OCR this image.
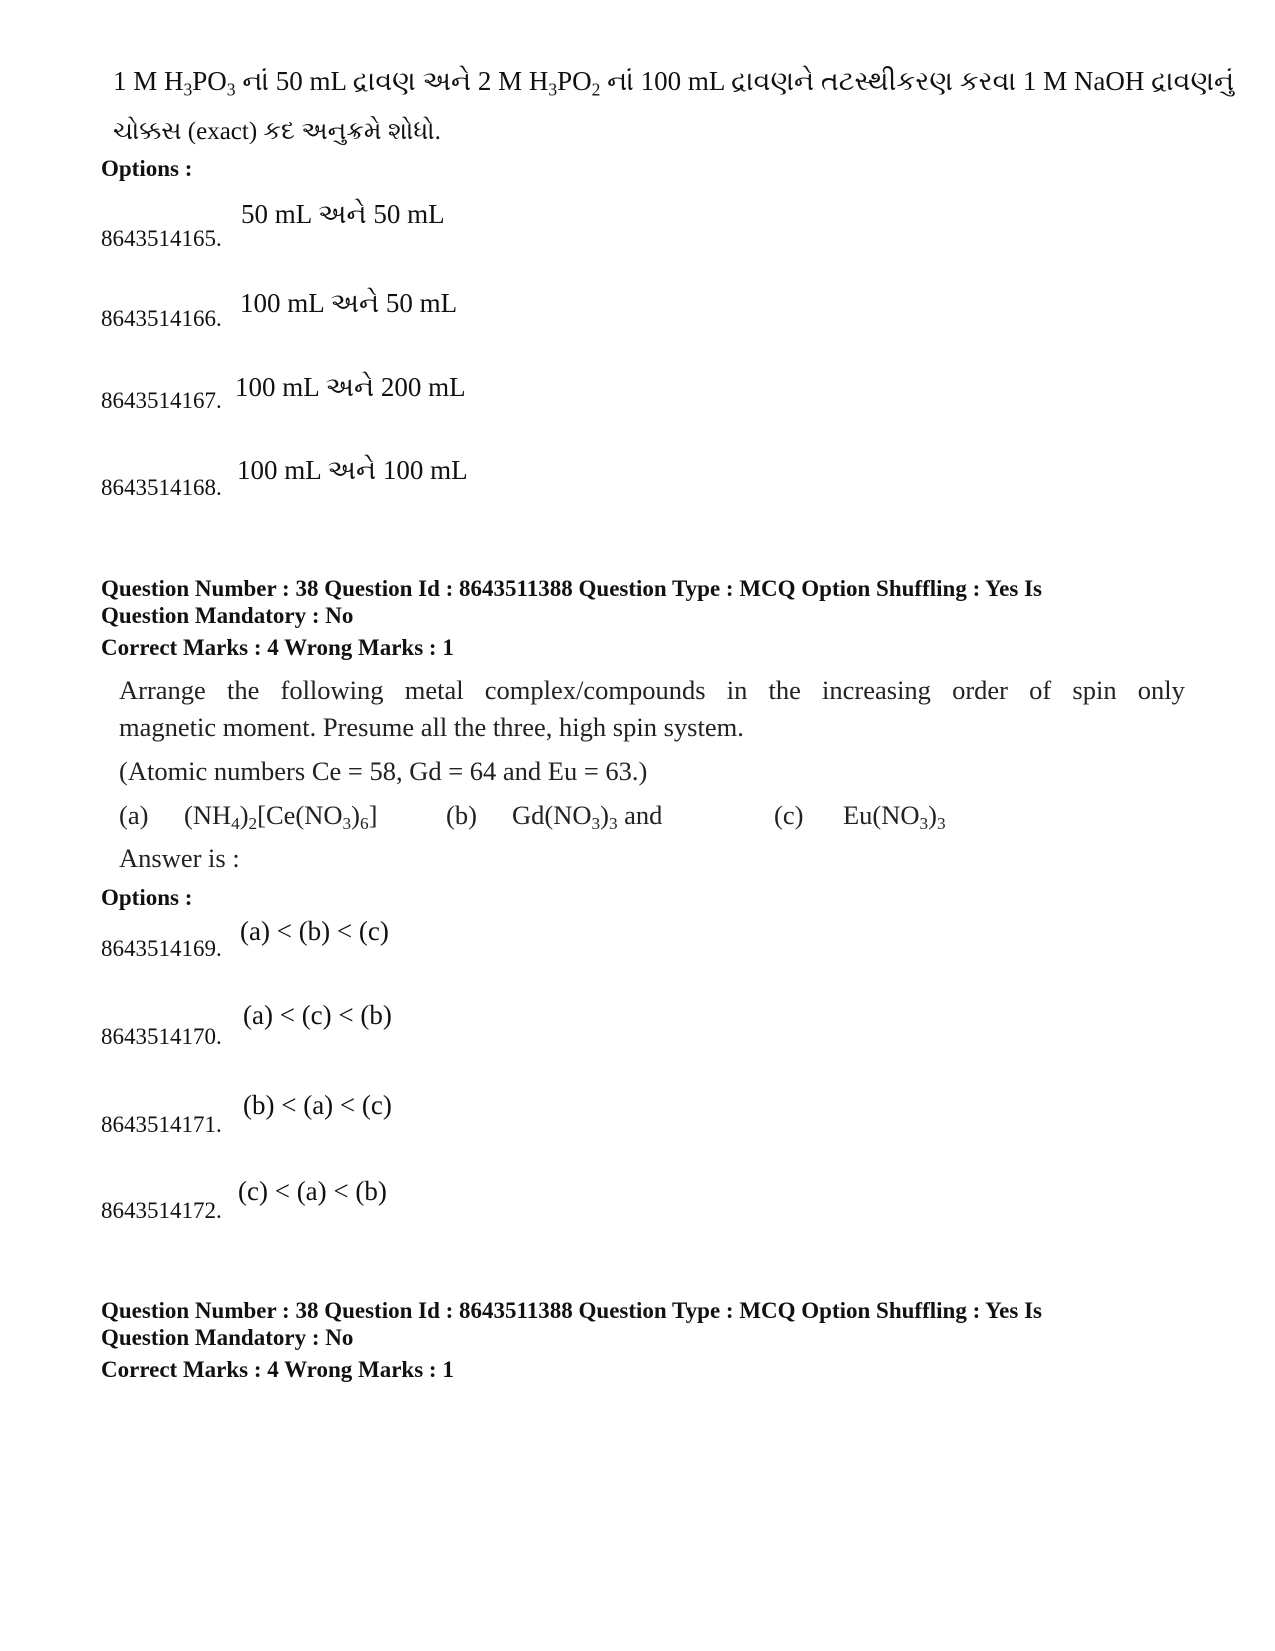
1 M $H_3PO_3$ નાં 50 mL દ્રાવણ અને 2 M $H_3PO_2$ નાં 100 mL દ્રાવણને તટસ્થીકરણ કરવા 1 M NaOH દ્રાવણનું
ચોક્કસ (exact) કદ અનુક્રમે શોધો.
Options :
8643514165.
50 mL અને 50 mL
8643514166.
100 mL અને 50 mL
8643514167. 100 mL અને 200 mL
8643514168.
100 mL અને 100 mL
Question Number : 38 Question Id : 8643511388 Question Type : MCQ Option Shuffling : Yes Is
Question Mandatory : No
Correct Marks : 4 Wrong Marks : 1
Arrange the following metal complex/compounds in the increasing order of spin only
magnetic moment. Presume all the three, high spin system.
(Atomic numbers Ce = 58, Gd = 64 and Eu = 63.)
(a) $(NH_4)_2[Ce(NO_3)_6]$	(b) $Gd(NO_3)_3$ and	(c) $Eu(NO_3)_3$
Answer is :
Options :
8643514169.
(a) < (b) < (c)
8643514170.
(a) < (c) < (b)
8643514171.
(b) < (a) < (c)
8643514172.
(c) < (a) < (b)
Question Number : 38 Question Id : 8643511388 Question Type : MCQ Option Shuffling : Yes Is
Question Mandatory : No
Correct Marks : 4 Wrong Marks : 1
